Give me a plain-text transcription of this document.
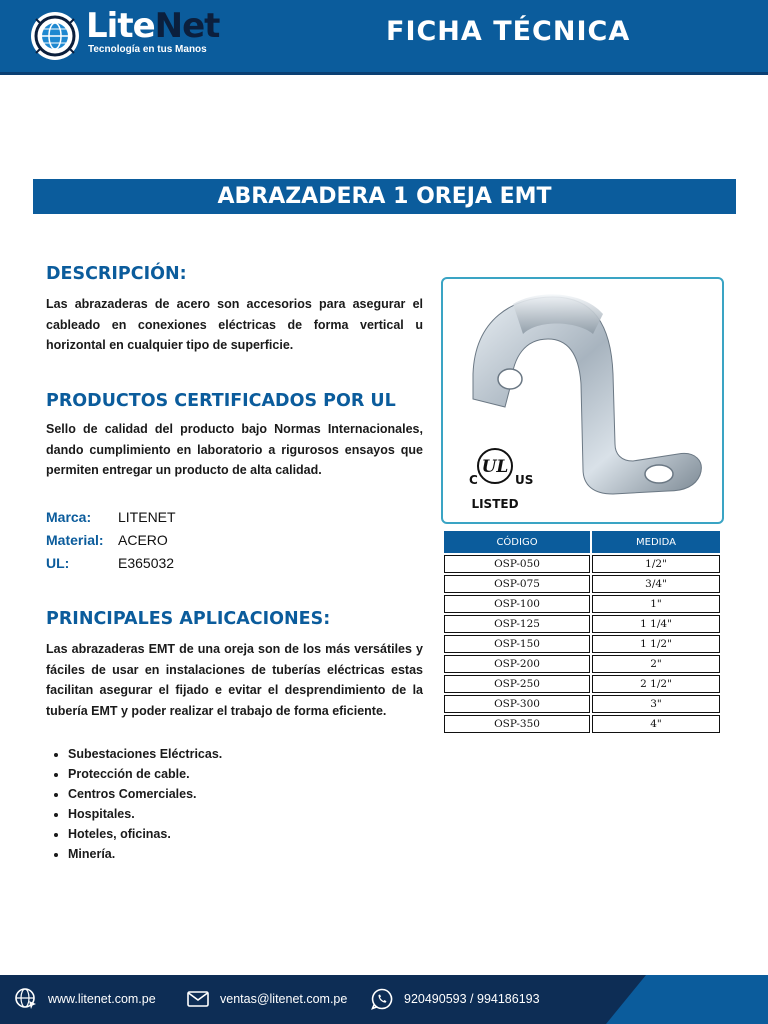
LiteNet
Tecnología en tus Manos
FICHA TÉCNICA
ABRAZADERA 1 OREJA EMT
DESCRIPCIÓN:
Las abrazaderas de acero son accesorios para asegurar el cableado en conexiones eléctricas de forma vertical u horizontal en cualquier tipo de superficie.
PRODUCTOS CERTIFICADOS POR UL
Sello de calidad del producto bajo Normas Internacionales, dando cumplimiento en laboratorio a rigurosos ensayos que permiten entregar un producto de alta calidad.
Marca:	LITENET
Material:	ACERO
UL:	E365032
PRINCIPALES APLICACIONES:
Las abrazaderas EMT de una oreja son de los más versátiles y fáciles de usar en instalaciones de tuberías eléctricas estas facilitan asegurar el fijado e evitar el desprendimiento de la tubería EMT y poder realizar el trabajo de forma eficiente.
• Subestaciones Eléctricas.
• Protección de cable.
• Centros Comerciales.
• Hospitales.
• Hoteles, oficinas.
• Minería.
UL
C	US
LISTED
CÓDIGO	MEDIDA
OSP-050	1/2"
OSP-075	3/4"
OSP-100	1"
OSP-125	1 1/4"
OSP-150	1 1/2"
OSP-200	2"
OSP-250	2 1/2"
OSP-300	3"
OSP-350	4"
www.litenet.com.pe	ventas@litenet.com.pe	920490593 / 994186193
